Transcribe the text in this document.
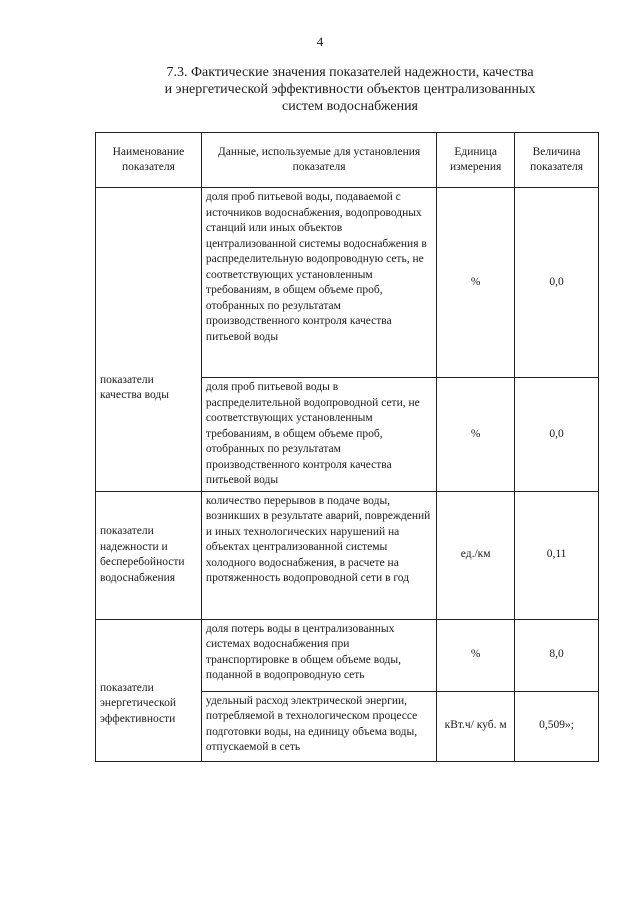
4
7.3. Фактические значения показателей надежности, качества
и энергетической эффективности объектов централизованных
систем водоснабжения
Наименование показателя	Данные, используемые для установления показателя	Единица измерения	Величина показателя
показатели качества воды	доля проб питьевой воды, подаваемой с источников водоснабжения, водопроводных станций или иных объектов централизованной системы водоснабжения в распределительную водопроводную сеть, не соответствующих установленным требованиям, в общем объеме проб, отобранных по результатам производственного контроля качества питьевой воды	%	0,0
	доля проб питьевой воды в распределительной водопроводной сети, не соответствующих установленным требованиям, в общем объеме проб, отобранных по результатам производственного контроля качества питьевой воды	%	0,0
показатели надежности и бесперебойности водоснабжения	количество перерывов в подаче воды, возникших в результате аварий, повреждений и иных технологических нарушений на объектах централизованной системы холодного водоснабжения, в расчете на протяженность водопроводной сети в год	ед./км	0,11
показатели энергетической эффективности	доля потерь воды в централизованных системах водоснабжения при транспортировке в общем объеме воды, поданной в водопроводную сеть	%	8,0
	удельный расход электрической энергии, потребляемой в технологическом процессе подготовки воды, на единицу объема воды, отпускаемой в сеть	кВт.ч/ куб. м	0,509»;
